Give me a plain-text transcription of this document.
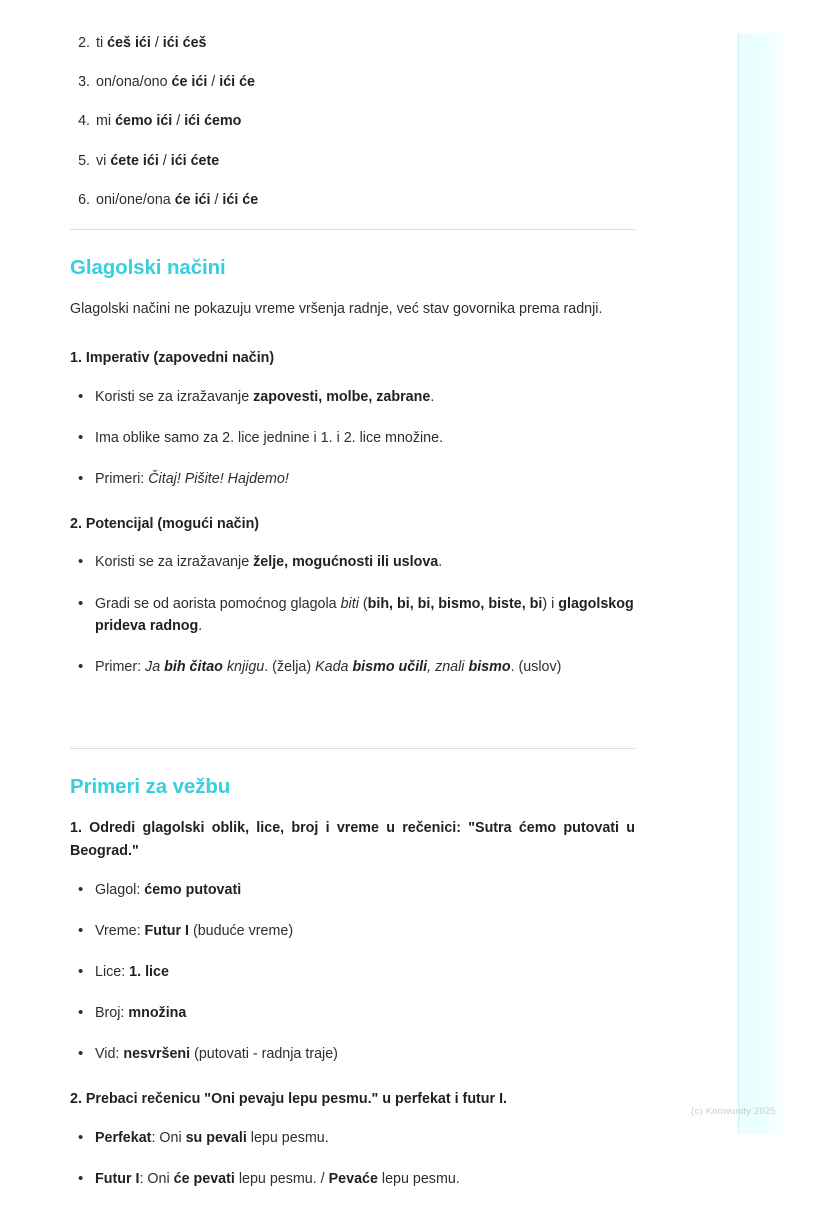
2. ti ćeš ići / ići ćeš
3. on/ona/ono će ići / ići će
4. mi ćemo ići / ići ćemo
5. vi ćete ići / ići ćete
6. oni/one/ona će ići / ići će
Glagolski načini

Glagolski načini ne pokazuju vreme vršenja radnje, već stav govornika prema radnji.

1. Imperativ (zapovedni način)

• Koristi se za izražavanje zapovesti, molbe, zabrane.
• Ima oblike samo za 2. lice jednine i 1. i 2. lice množine.
• Primeri: Čitaj! Pišite! Hajdemo!

2. Potencijal (mogući način)

• Koristi se za izražavanje želje, mogućnosti ili uslova.
• Gradi se od aorista pomoćnog glagola biti (bih, bi, bi, bismo, biste, bi) i glagolskog prideva radnog.
• Primer: Ja bih čitao knjigu. (želja) Kada bismo učili, znali bismo. (uslov)
Primeri za vežbu

1. Odredi glagolski oblik, lice, broj i vreme u rečenici: "Sutra ćemo putovati u Beograd."

• Glagol: ćemo putovati
• Vreme: Futur I (buduće vreme)
• Lice: 1. lice
• Broj: množina
• Vid: nesvršeni (putovati - radnja traje)

2. Prebaci rečenicu "Oni pevaju lepu pesmu." u perfekat i futur I.

• Perfekat: Oni su pevali lepu pesmu.
• Futur I: Oni će pevati lepu pesmu. / Pevaće lepu pesmu.
(c) Knowunity 2025
